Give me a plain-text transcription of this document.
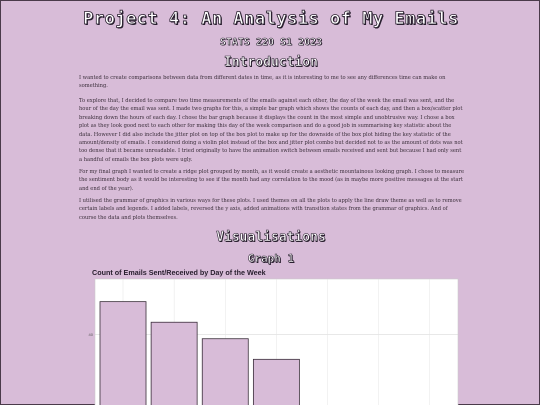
Project 4: An Analysis of My Emails
STATS 220 S1 2023
Introduction

I wanted to create comparisons between data from different dates in time, as it is interesting to me to see any differences time can make on something.

To explore that, I decided to compare two time measurements of the emails against each other, the day of the week the email was sent, and the hour of the day the email was sent. I made two graphs for this, a simple bar graph which shows the counts of each day, and then a box/scatter plot breaking down the hours of each day. I chose the bar graph because it displays the count in the most simple and unobtrusive way. I chose a box plot as they look good next to each other for making this day of the week comparison and do a good job in summarising key statistic about the data. However I did also include the jitter plot on top of the box plot to make up for the downside of the box plot hiding the key statistic of the amount/density of emails. I considered doing a violin plot instead of the box and jitter plot combo but decided not to as the amount of dots was not too dense that it became unreadable. I tried originally to have the animation switch between emails received and sent but because I had only sent a handful of emails the box plots were ugly.

For my final graph I wanted to create a ridge plot grouped by month, as it would create a aesthetic mountainous looking graph. I chose to measure the sentiment body as it would be interesting to see if the month had any correlation to the mood (as in maybe more positive messages at the start and end of the year).

I utilised the grammar of graphics in various ways for these plots. I used themes on all the plots to apply the line draw theme as well as to remove certain labels and legends. I added labels, reversed the y axis, added animations with transition states from the grammar of graphics. And of course the data and plots themselves.

Visualisations
Graph 1
Count of Emails Sent/Received by Day of the Week
40
